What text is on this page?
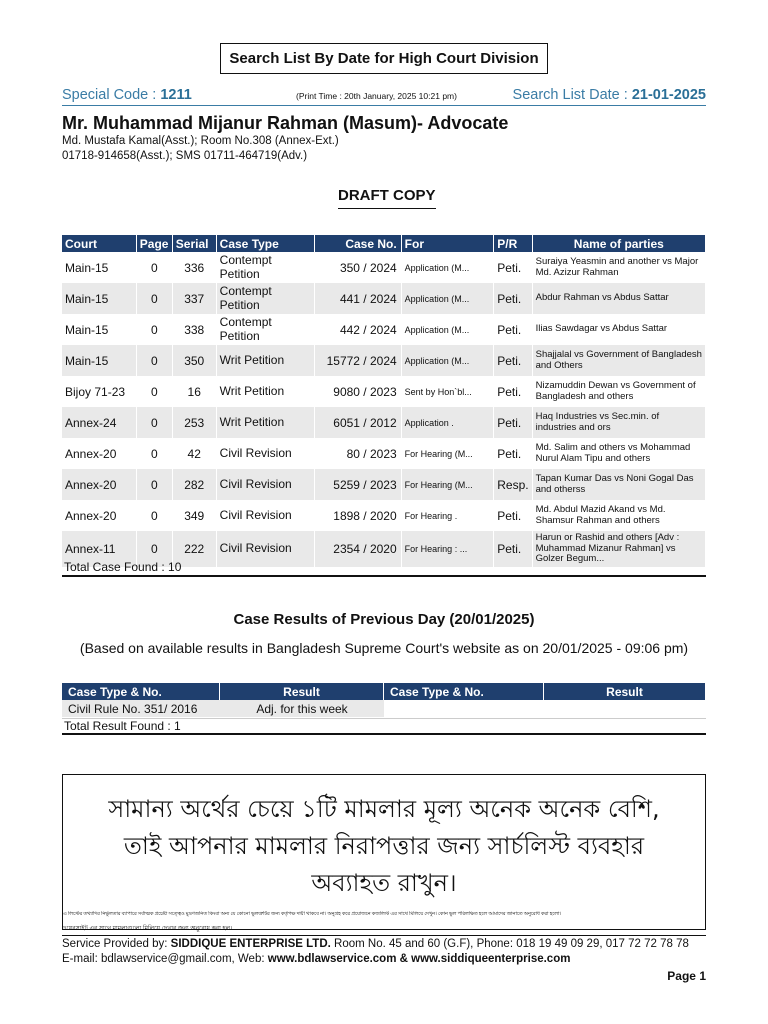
Search List By Date for High Court Division
Special Code : 1211	(Print Time : 20th January, 2025 10:21 pm)	Search List Date : 21-01-2025
Mr. Muhammad Mijanur Rahman (Masum)- Advocate
Md. Mustafa Kamal(Asst.); Room No.308 (Annex-Ext.)
01718-914658(Asst.); SMS 01711-464719(Adv.)
DRAFT COPY
Court	Page	Serial	Case Type	Case No.	For	P/R	Name of parties
Main-15	0	336	Contempt Petition	350 / 2024	Application (M...	Peti.	Suraiya Yeasmin and another vs Major Md. Azizur Rahman
Main-15	0	337	Contempt Petition	441 / 2024	Application (M...	Peti.	Abdur Rahman vs Abdus Sattar
Main-15	0	338	Contempt Petition	442 / 2024	Application (M...	Peti.	Ilias Sawdagar vs Abdus Sattar
Main-15	0	350	Writ Petition	15772 / 2024	Application (M...	Peti.	Shajjalal vs Government of Bangladesh and Others
Bijoy 71-23	0	16	Writ Petition	9080 / 2023	Sent by Hon`bl...	Peti.	Nizamuddin Dewan vs Government of Bangladesh and others
Annex-24	0	253	Writ Petition	6051 / 2012	Application .	Peti.	Haq Industries vs Sec.min. of industries and ors
Annex-20	0	42	Civil Revision	80 / 2023	For Hearing (M...	Peti.	Md. Salim and others vs Mohammad Nurul Alam Tipu and others
Annex-20	0	282	Civil Revision	5259 / 2023	For Hearing (M...	Resp.	Tapan Kumar Das vs Noni Gogal Das and otherss
Annex-20	0	349	Civil Revision	1898 / 2020	For Hearing .	Peti.	Md. Abdul Mazid Akand vs Md. Shamsur Rahman and others
Annex-11	0	222	Civil Revision	2354 / 2020	For Hearing : ...	Peti.	Harun or Rashid and others [Adv : Muhammad Mizanur Rahman] vs Golzer Begum...
Total Case Found : 10
Case Results of Previous Day (20/01/2025)
(Based on available results in Bangladesh Supreme Court's website as on 20/01/2025 - 09:06 pm)
Case Type & No.	Result	Case Type & No.	Result
Civil Rule No. 351/ 2016	Adj. for this week
Total Result Found : 1
সামান্য অর্থের চেয়ে ১টি মামলার মূল্য অনেক অনেক বেশি,
তাই আপনার মামলার নিরাপত্তার জন্য সার্চলিস্ট ব্যবহার
অব্যাহত রাখুন।
এ লিস্টের তথ্যাদির নির্ভুলতার ব্যাপারে সর্বাত্মক প্রচেষ্টা সত্ত্বেও মুদ্রণজনিত কিংবা অন্য যে কোনো ভুলত্রুটির জন্য কর্তৃপক্ষ দায়ী থাকবে না। অনুগ্রহ করে প্রয়োজনে কজলিস্ট এর সাথে মিলিয়ে দেখুন। কোন ভুল পরিলক্ষিত হলে আমাদের জানাতে অনুরোধ করা হলো।
ওয়েবসাইট এর সাথে মামলাগুলো মিলিয়ে দেখার জন্য অনুরোধ করা হল।
Service Provided by: SIDDIQUE ENTERPRISE LTD. Room No. 45 and 60 (G.F), Phone: 018 19 49 09 29, 017 72 72 78 78
E-mail: bdlawservice@gmail.com, Web: www.bdlawservice.com & www.siddiqueenterprise.com
Page 1
